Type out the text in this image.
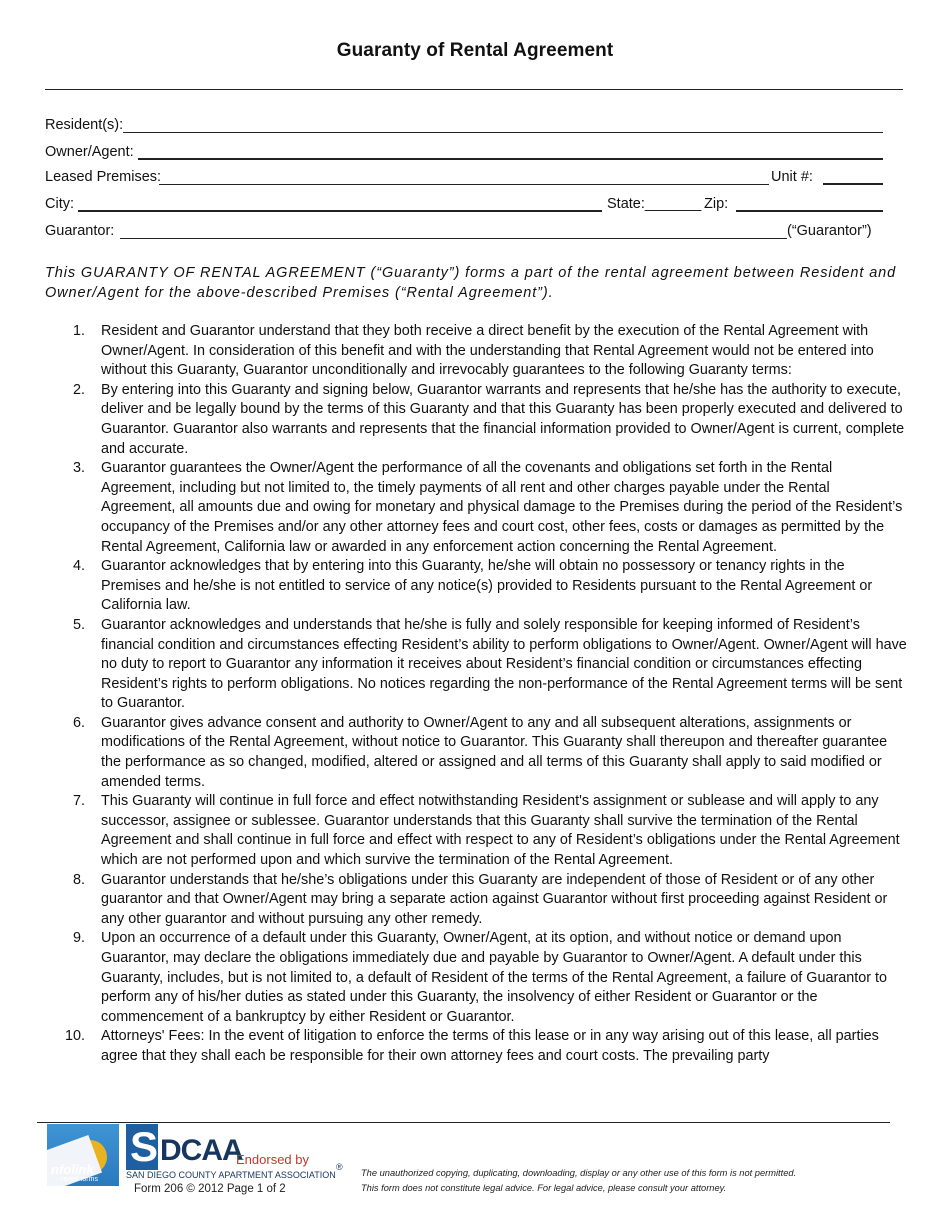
Guaranty of Rental Agreement
Resident(s):
Owner/Agent:
Leased Premises:	Unit #:
City:	State:_______ Zip:
Guarantor:	(“Guarantor”)
This GUARANTY OF RENTAL AGREEMENT (“Guaranty”) forms a part of the rental agreement between Resident and Owner/Agent for the above-described Premises (“Rental Agreement”).
1. Resident and Guarantor understand that they both receive a direct benefit by the execution of the Rental Agreement with Owner/Agent. In consideration of this benefit and with the understanding that Rental Agreement would not be entered into without this Guaranty, Guarantor unconditionally and irrevocably guarantees to the following Guaranty terms:
2. By entering into this Guaranty and signing below, Guarantor warrants and represents that he/she has the authority to execute, deliver and be legally bound by the terms of this Guaranty and that this Guaranty has been properly executed and delivered to Guarantor. Guarantor also warrants and represents that the financial information provided to Owner/Agent is current, complete and accurate.
3. Guarantor guarantees the Owner/Agent the performance of all the covenants and obligations set forth in the Rental Agreement, including but not limited to, the timely payments of all rent and other charges payable under the Rental Agreement, all amounts due and owing for monetary and physical damage to the Premises during the period of the Resident’s occupancy of the Premises and/or any other attorney fees and court cost, other fees, costs or damages as permitted by the Rental Agreement, California law or awarded in any enforcement action concerning the Rental Agreement.
4. Guarantor acknowledges that by entering into this Guaranty, he/she will obtain no possessory or tenancy rights in the Premises and he/she is not entitled to service of any notice(s) provided to Residents pursuant to the Rental Agreement or California law.
5. Guarantor acknowledges and understands that he/she is fully and solely responsible for keeping informed of Resident’s financial condition and circumstances effecting Resident’s ability to perform obligations to Owner/Agent. Owner/Agent will have no duty to report to Guarantor any information it receives about Resident’s financial condition or circumstances effecting Resident’s rights to perform obligations. No notices regarding the non-performance of the Rental Agreement terms will be sent to Guarantor.
6. Guarantor gives advance consent and authority to Owner/Agent to any and all subsequent alterations, assignments or modifications of the Rental Agreement, without notice to Guarantor. This Guaranty shall thereupon and thereafter guarantee the performance as so changed, modified, altered or assigned and all terms of this Guaranty shall apply to said modified or amended terms.
7. This Guaranty will continue in full force and effect notwithstanding Resident's assignment or sublease and will apply to any successor, assignee or sublessee. Guarantor understands that this Guaranty shall survive the termination of the Rental Agreement and shall continue in full force and effect with respect to any of Resident’s obligations under the Rental Agreement which are not performed upon and which survive the termination of the Rental Agreement.
8. Guarantor understands that he/she’s obligations under this Guaranty are independent of those of Resident or of any other guarantor and that Owner/Agent may bring a separate action against Guarantor without first proceeding against Resident or any other guarantor and without pursuing any other remedy.
9. Upon an occurrence of a default under this Guaranty, Owner/Agent, at its option, and without notice or demand upon Guarantor, may declare the obligations immediately due and payable by Guarantor to Owner/Agent. A default under this Guaranty, includes, but is not limited to, a default of Resident of the terms of the Rental Agreement, a failure of Guarantor to perform any of his/her duties as stated under this Guaranty, the insolvency of either Resident or Guarantor or the commencement of a bankruptcy by either Resident or Guarantor.
10. Attorneys' Fees: In the event of litigation to enforce the terms of this lease or in any way arising out of this lease, all parties agree that they shall each be responsible for their own attorney fees and court costs. The prevailing party
nfolink
rental forms
S DCAA
Endorsed by
SAN DIEGO COUNTY APARTMENT ASSOCIATION
®
Form 206 © 2012 Page 1 of 2
The unauthorized copying, duplicating, downloading, display or any other use of this form is not permitted.
This form does not constitute legal advice. For legal advice, please consult your attorney.
